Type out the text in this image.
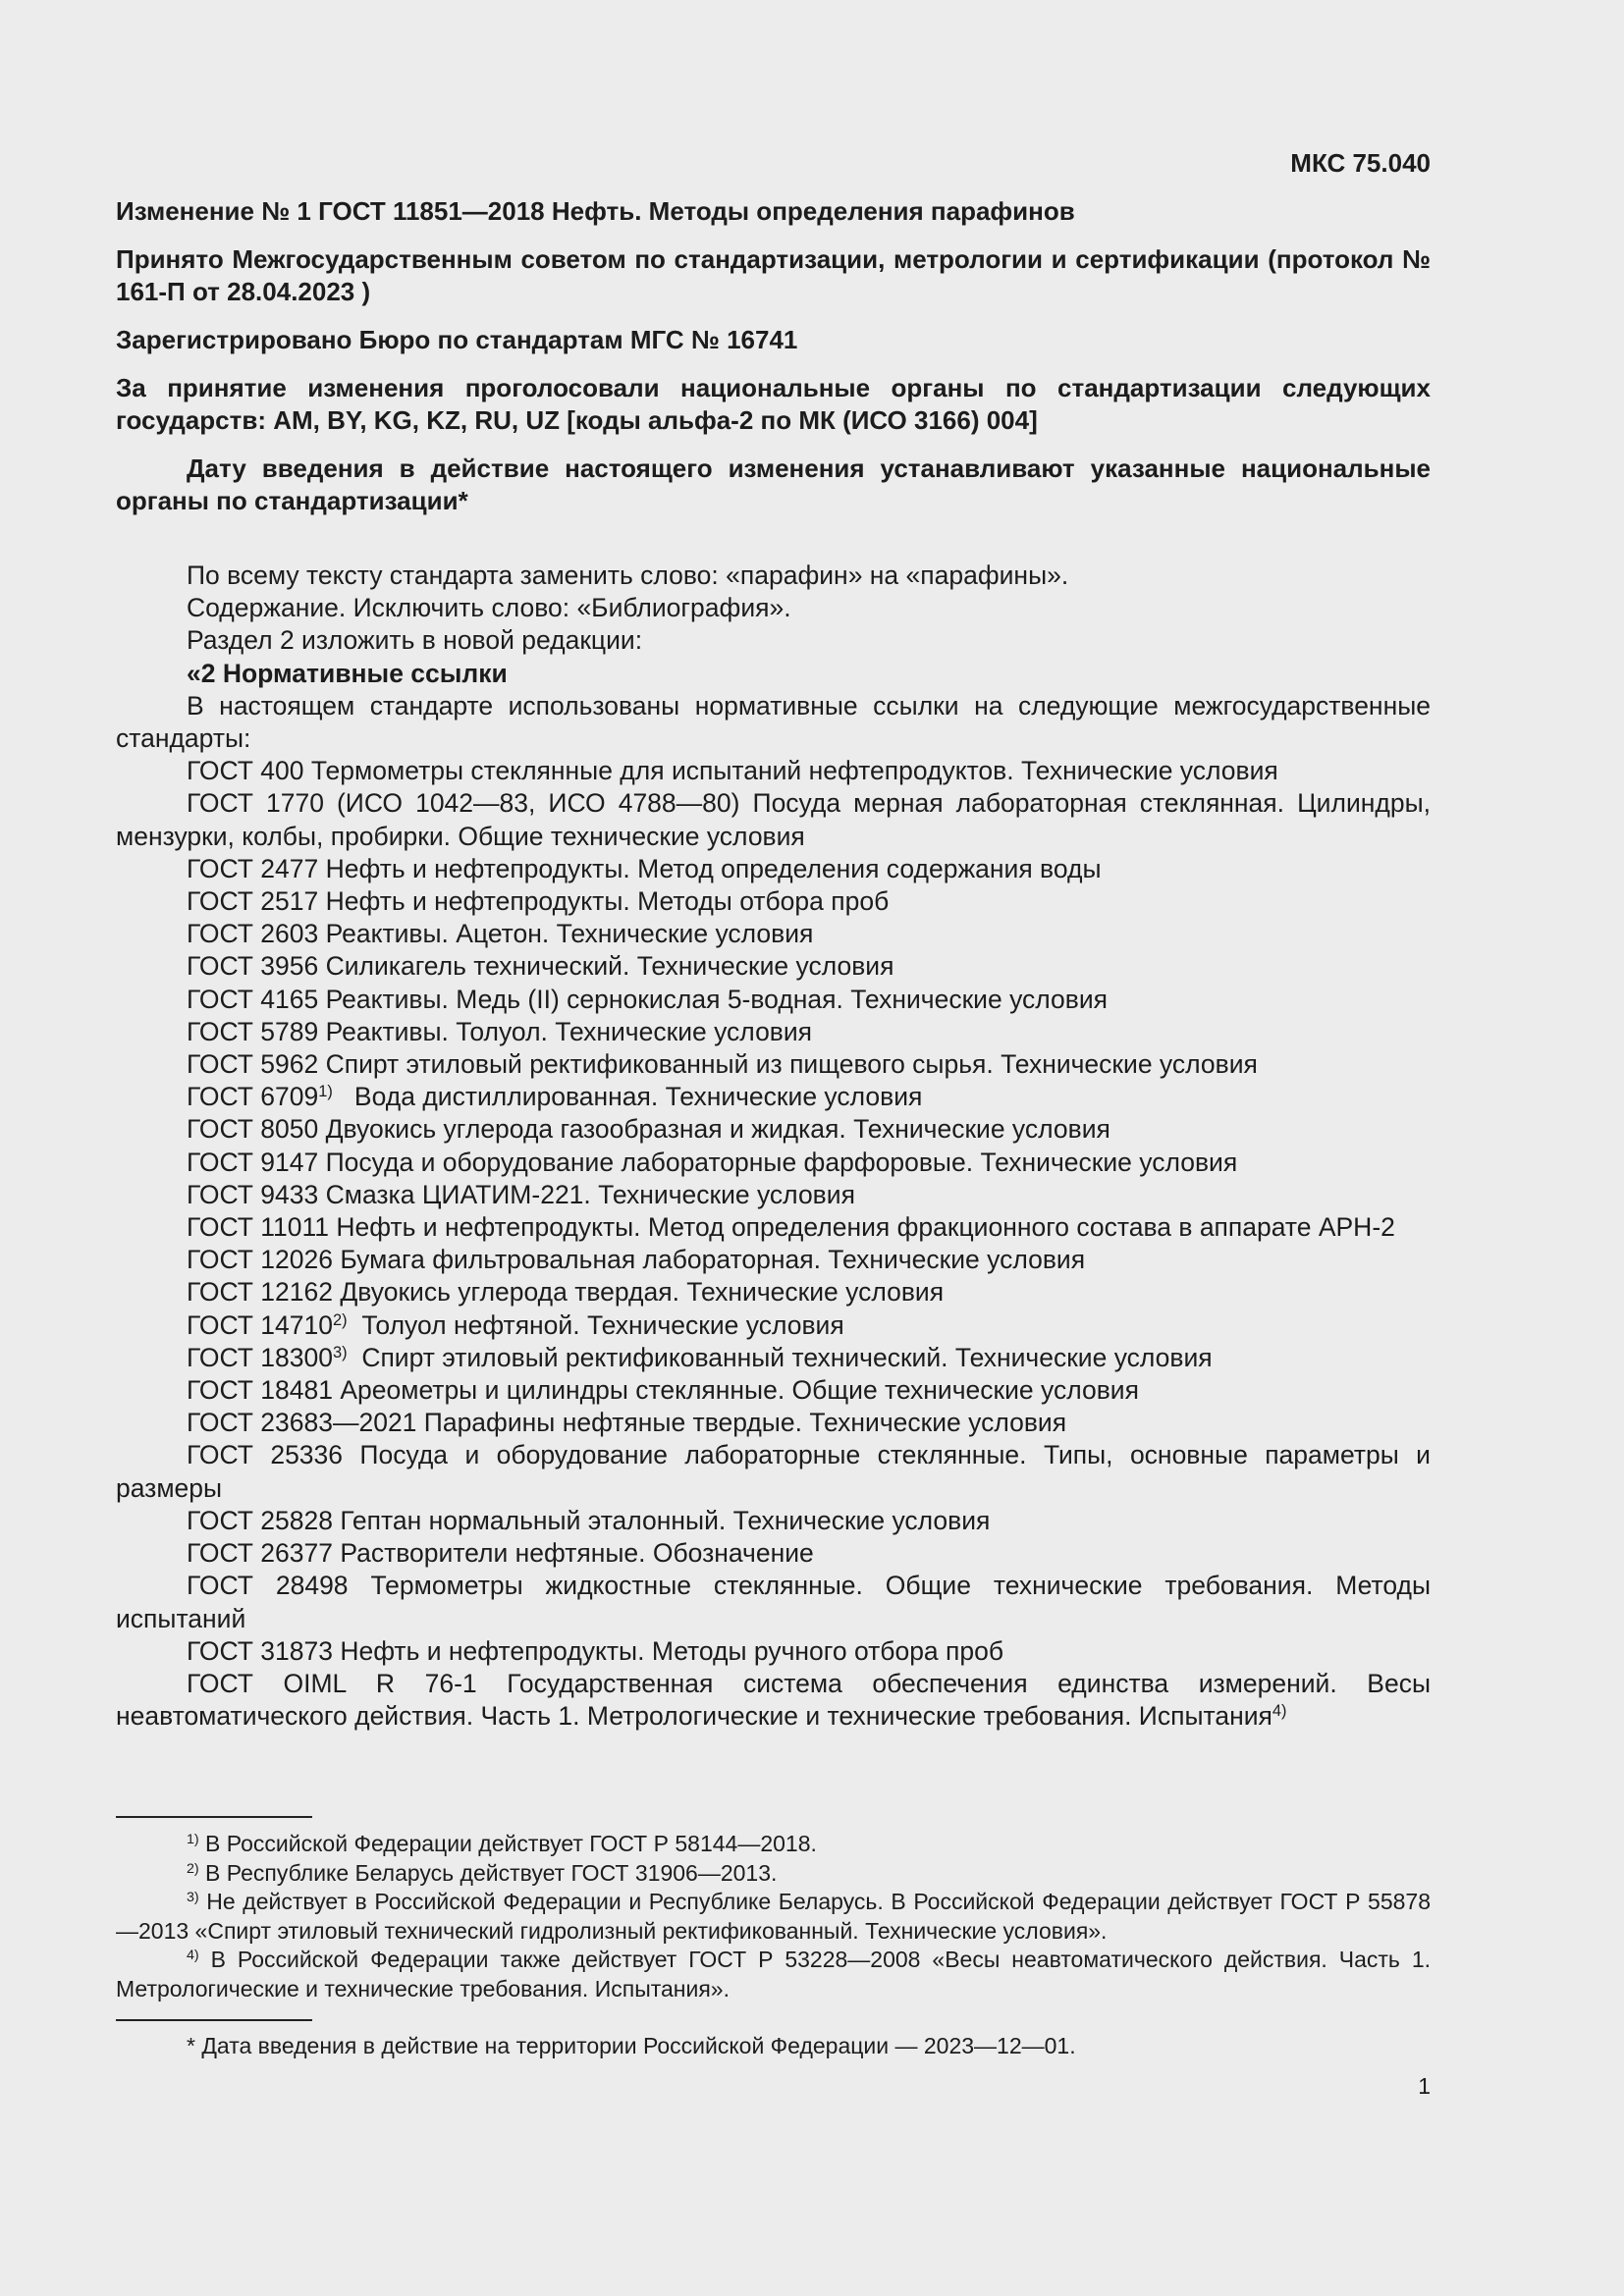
МКС 75.040

Изменение № 1 ГОСТ 11851—2018 Нефть. Методы определения парафинов

Принято Межгосударственным советом по стандартизации, метрологии и сертификации (протокол № 161-П от 28.04.2023 )

Зарегистрировано Бюро по стандартам МГС № 16741

За принятие изменения проголосовали национальные органы по стандартизации следующих государств: AM, BY, KG, KZ, RU, UZ [коды альфа-2 по МК (ИСО 3166) 004]

Дату введения в действие настоящего изменения устанавливают указанные национальные органы по стандартизации*

По всему тексту стандарта заменить слово: «парафин» на «парафины».

Содержание. Исключить слово: «Библиография».

Раздел 2 изложить в новой редакции:

«2 Нормативные ссылки

В настоящем стандарте использованы нормативные ссылки на следующие межгосударственные стандарты:

ГОСТ 400 Термометры стеклянные для испытаний нефтепродуктов. Технические условия

ГОСТ 1770 (ИСО 1042—83, ИСО 4788—80) Посуда мерная лабораторная стеклянная. Цилиндры, мензурки, колбы, пробирки. Общие технические условия

ГОСТ 2477 Нефть и нефтепродукты. Метод определения содержания воды

ГОСТ 2517 Нефть и нефтепродукты. Методы отбора проб

ГОСТ 2603 Реактивы. Ацетон. Технические условия

ГОСТ 3956 Силикагель технический. Технические условия

ГОСТ 4165 Реактивы. Медь (II) сернокислая 5-водная. Технические условия

ГОСТ 5789 Реактивы. Толуол. Технические условия

ГОСТ 5962 Спирт этиловый ректификованный из пищевого сырья. Технические условия

ГОСТ 6709$^{1)}$   Вода дистиллированная. Технические условия

ГОСТ 8050 Двуокись углерода газообразная и жидкая. Технические условия

ГОСТ 9147 Посуда и оборудование лабораторные фарфоровые. Технические условия

ГОСТ 9433 Смазка ЦИАТИМ-221. Технические условия

ГОСТ 11011 Нефть и нефтепродукты. Метод определения фракционного состава в аппарате АРН-2

ГОСТ 12026 Бумага фильтровальная лабораторная. Технические условия

ГОСТ 12162 Двуокись углерода твердая. Технические условия

ГОСТ 14710$^{2)}$  Толуол нефтяной. Технические условия

ГОСТ 18300$^{3)}$  Спирт этиловый ректификованный технический. Технические условия

ГОСТ 18481 Ареометры и цилиндры стеклянные. Общие технические условия

ГОСТ 23683—2021 Парафины нефтяные твердые. Технические условия

ГОСТ 25336 Посуда и оборудование лабораторные стеклянные. Типы, основные параметры и размеры

ГОСТ 25828 Гептан нормальный эталонный. Технические условия

ГОСТ 26377 Растворители нефтяные. Обозначение

ГОСТ 28498 Термометры жидкостные стеклянные. Общие технические требования. Методы испытаний

ГОСТ 31873 Нефть и нефтепродукты. Методы ручного отбора проб

ГОСТ OIML R 76-1 Государственная система обеспечения единства измерений. Весы неавтоматического действия. Часть 1. Метрологические и технические требования. Испытания$^{4)}$

$^{1)}$ В Российской Федерации действует ГОСТ Р 58144—2018.

$^{2)}$ В Республике Беларусь действует ГОСТ 31906—2013.

$^{3)}$ Не действует в Российской Федерации и Республике Беларусь. В Российской Федерации действует ГОСТ Р 55878—2013 «Спирт этиловый технический гидролизный ректификованный. Технические условия».

$^{4)}$ В Российской Федерации также действует ГОСТ Р 53228—2008 «Весы неавтоматического действия. Часть 1. Метрологические и технические требования. Испытания».

* Дата введения в действие на территории Российской Федерации — 2023—12—01.

1
